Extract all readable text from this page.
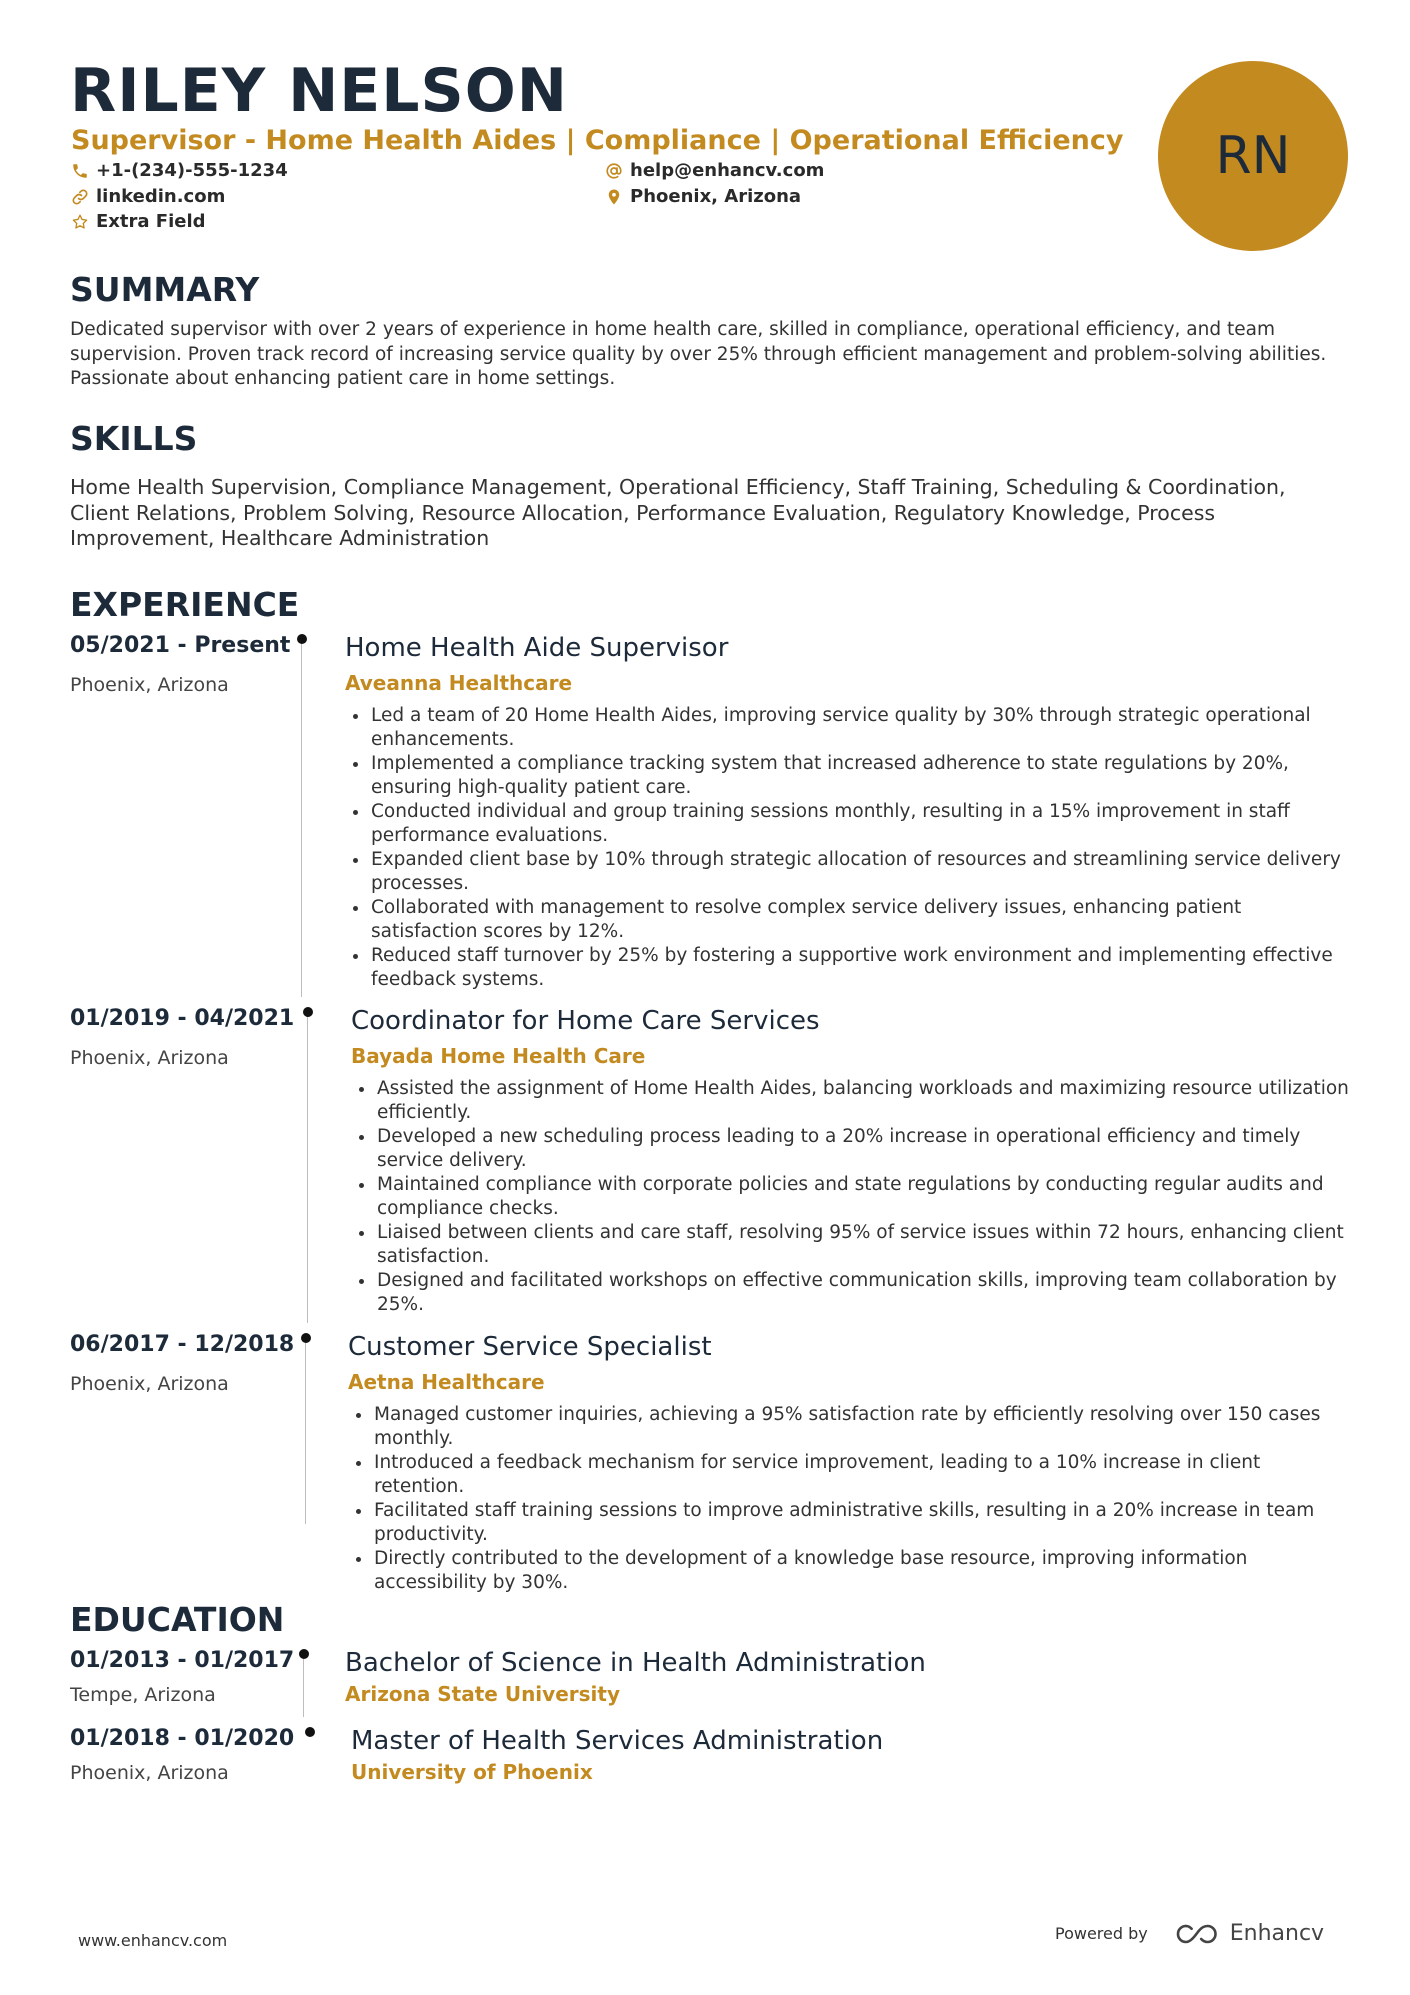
RILEY NELSON
Supervisor - Home Health Aides | Compliance | Operational Efficiency
+1-(234)-555-1234	help@enhancv.com
linkedin.com	Phoenix, Arizona
Extra Field
RN
SUMMARY
Dedicated supervisor with over 2 years of experience in home health care, skilled in compliance, operational efficiency, and team supervision. Proven track record of increasing service quality by over 25% through efficient management and problem-solving abilities. Passionate about enhancing patient care in home settings.
SKILLS
Home Health Supervision, Compliance Management, Operational Efficiency, Staff Training, Scheduling & Coordination, Client Relations, Problem Solving, Resource Allocation, Performance Evaluation, Regulatory Knowledge, Process Improvement, Healthcare Administration
EXPERIENCE
05/2021 - Present
Phoenix, Arizona
Home Health Aide Supervisor
Aveanna Healthcare
Led a team of 20 Home Health Aides, improving service quality by 30% through strategic operational enhancements.
Implemented a compliance tracking system that increased adherence to state regulations by 20%, ensuring high-quality patient care.
Conducted individual and group training sessions monthly, resulting in a 15% improvement in staff performance evaluations.
Expanded client base by 10% through strategic allocation of resources and streamlining service delivery processes.
Collaborated with management to resolve complex service delivery issues, enhancing patient satisfaction scores by 12%.
Reduced staff turnover by 25% by fostering a supportive work environment and implementing effective feedback systems.
01/2019 - 04/2021
Phoenix, Arizona
Coordinator for Home Care Services
Bayada Home Health Care
Assisted the assignment of Home Health Aides, balancing workloads and maximizing resource utilization efficiently.
Developed a new scheduling process leading to a 20% increase in operational efficiency and timely service delivery.
Maintained compliance with corporate policies and state regulations by conducting regular audits and compliance checks.
Liaised between clients and care staff, resolving 95% of service issues within 72 hours, enhancing client satisfaction.
Designed and facilitated workshops on effective communication skills, improving team collaboration by 25%.
06/2017 - 12/2018
Phoenix, Arizona
Customer Service Specialist
Aetna Healthcare
Managed customer inquiries, achieving a 95% satisfaction rate by efficiently resolving over 150 cases monthly.
Introduced a feedback mechanism for service improvement, leading to a 10% increase in client retention.
Facilitated staff training sessions to improve administrative skills, resulting in a 20% increase in team productivity.
Directly contributed to the development of a knowledge base resource, improving information accessibility by 30%.
EDUCATION
01/2013 - 01/2017
Tempe, Arizona
Bachelor of Science in Health Administration
Arizona State University
01/2018 - 01/2020
Phoenix, Arizona
Master of Health Services Administration
University of Phoenix
www.enhancv.com	Powered by	Enhancv
